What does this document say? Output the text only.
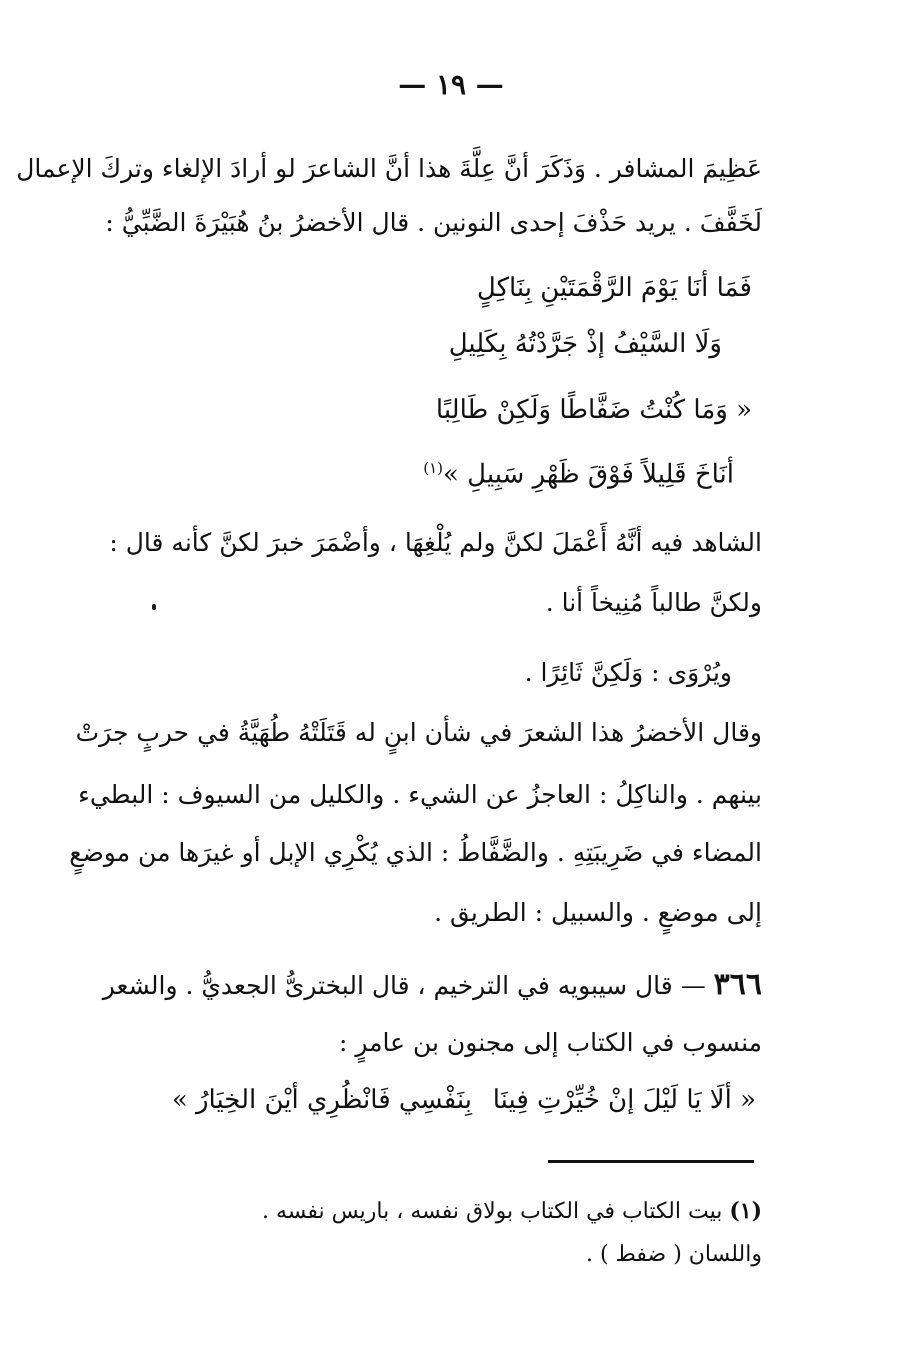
— ١٩ —
عَظِيمَ المشافر . وَذَكَرَ أنَّ عِلَّةَ هذا أنَّ الشاعرَ لو أرادَ الإلغاء وتركَ الإعمال
لَخَفَّفَ . يريد حَذْفَ إحدى النونين . قال الأخضرُ بنُ هُبَيْرَةَ الضَّبِّيُّ :
فَمَا أنَا يَوْمَ الرَّقْمَتَيْنِ بِنَاكِلٍ
وَلَا السَّيْفُ إذْ جَرَّدْتُهُ بِكَلِيلِ
« وَمَا كُنْتُ ضَفَّاطًا وَلَكِنْ طَالِبًا
أنَاخَ قَلِيلاً فَوْقَ ظَهْرِ سَبِيلِ »$^{(١)}$
الشاهد فيه أنَّهُ أَعْمَلَ لكنَّ ولم يُلْغِهَا ، وأضْمَرَ خبرَ لكنَّ كأنه قال :
ولكنَّ طالباً مُنِيخاً أنا .
ويُرْوَى : وَلَكِنَّ ثَائِرًا .
وقال الأخضرُ هذا الشعرَ في شأن ابنٍ له قَتَلَتْهُ طُهَيَّةُ في حربٍ جرَتْ
بينهم . والناكِلُ : العاجزُ عن الشيء . والكليل من السيوف : البطيء
المضاء في ضَرِيبَتِهِ . والضَّفَّاطُ : الذي يُكْرِي الإبل أو غيرَها من موضعٍ
إلى موضعٍ . والسبيل : الطريق .
٣٦٦ — قال سيبويه في الترخيم ، قال البخترىُّ الجعديُّ . والشعر
منسوب في الكتاب إلى مجنون بن عامرٍ :
« ألَا يَا لَيْلَ إنْ خُيِّرْتِ فِينَا
بِنَفْسِي فَانْظُرِي أيْنَ الخِيَارُ »
(١) بيت الكتاب في الكتاب بولاق نفسه ، باريس نفسه .
واللسان ( ضفط ) .
